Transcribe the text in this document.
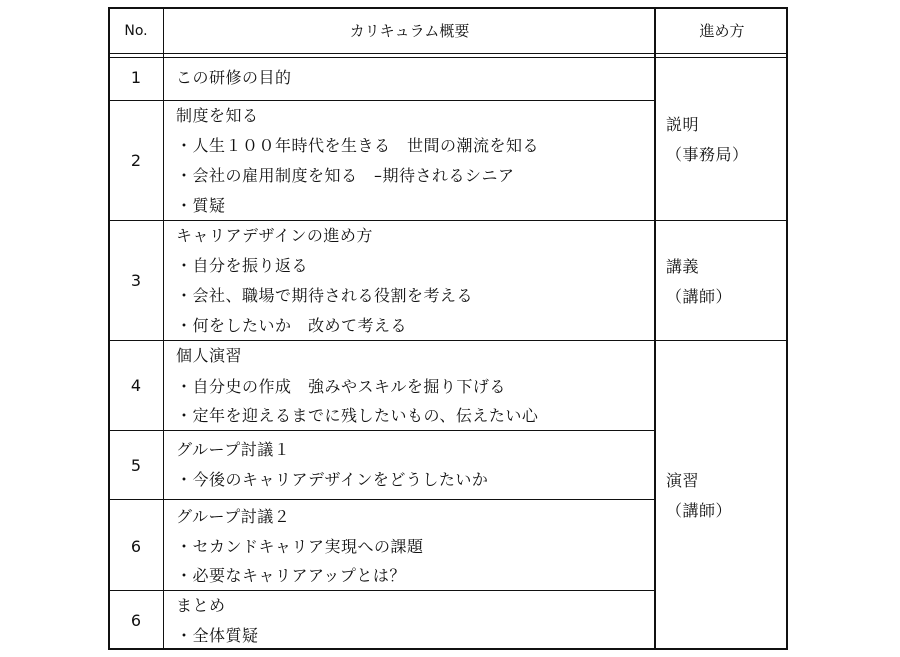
No.	カリキュラム概要	進め方
1
2
3
4
5
6
6
この研修の目的
制度を知る
・人生１００年時代を生きる　世間の潮流を知る
・会社の雇用制度を知る　–期待されるシニア
・質疑
キャリアデザインの進め方
・自分を振り返る
・会社、職場で期待される役割を考える
・何をしたいか　改めて考える
個人演習
・自分史の作成　強みやスキルを掘り下げる
・定年を迎えるまでに残したいもの、伝えたい心
グループ討議１
・今後のキャリアデザインをどうしたいか
グループ討議２
・セカンドキャリア実現への課題
・必要なキャリアアップとは？
まとめ
・全体質疑
説明
（事務局）
講義
（講師）
演習
（講師）
